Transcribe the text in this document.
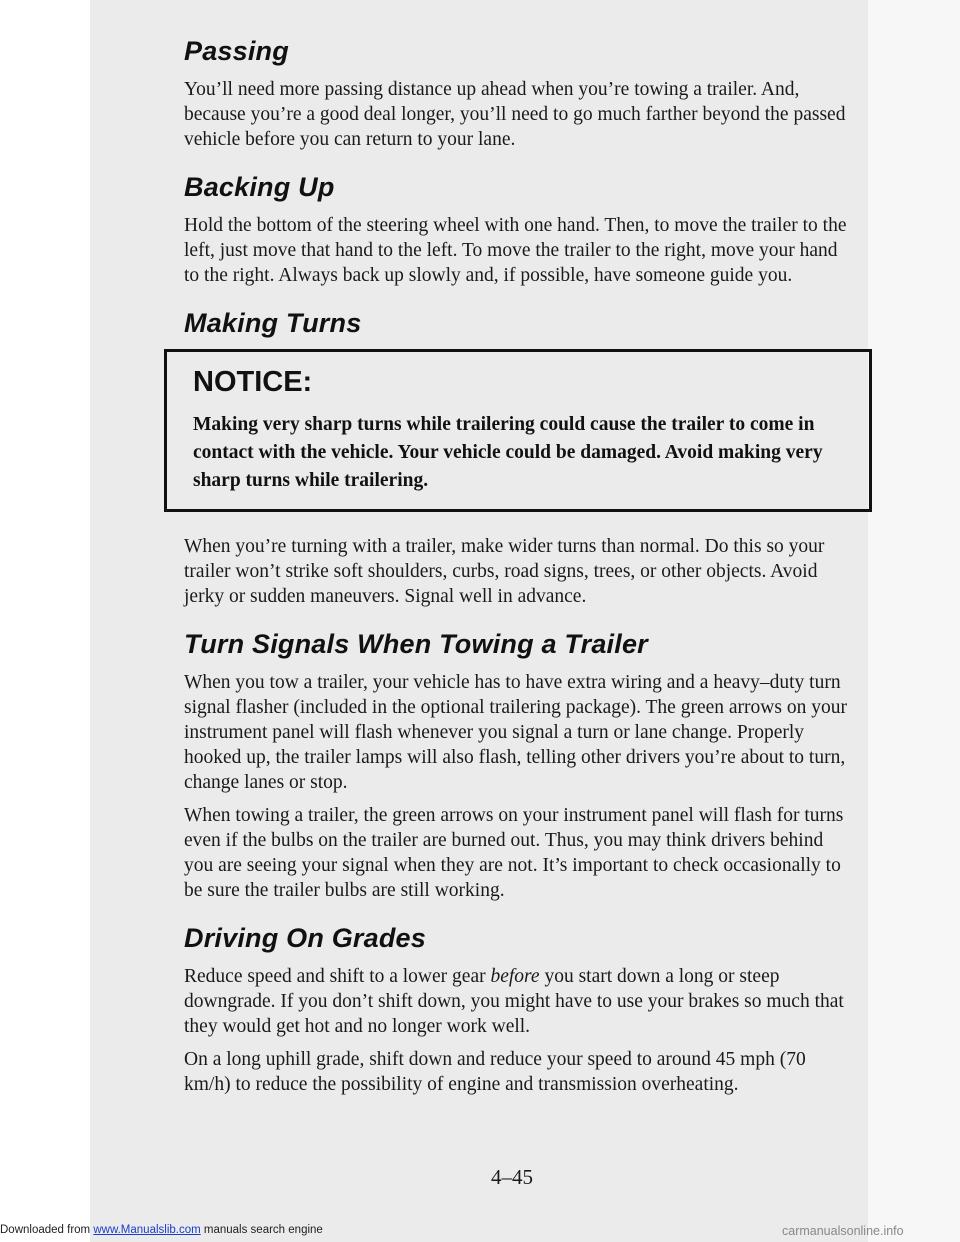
Passing

You’ll need more passing distance up ahead when you’re towing a trailer. And, because you’re a good deal longer, you’ll need to go much farther beyond the passed vehicle before you can return to your lane.

Backing Up

Hold the bottom of the steering wheel with one hand. Then, to move the trailer to the left, just move that hand to the left. To move the trailer to the right, move your hand to the right. Always back up slowly and, if possible, have someone guide you.

Making Turns
NOTICE:

Making very sharp turns while trailering could cause the trailer to come in contact with the vehicle. Your vehicle could be damaged. Avoid making very sharp turns while trailering.

When you’re turning with a trailer, make wider turns than normal. Do this so your trailer won’t strike soft shoulders, curbs, road signs, trees, or other objects. Avoid jerky or sudden maneuvers. Signal well in advance.

Turn Signals When Towing a Trailer

When you tow a trailer, your vehicle has to have extra wiring and a heavy–duty turn signal flasher (included in the optional trailering package). The green arrows on your instrument panel will flash whenever you signal a turn or lane change. Properly hooked up, the trailer lamps will also flash, telling other drivers you’re about to turn, change lanes or stop.

When towing a trailer, the green arrows on your instrument panel will flash for turns even if the bulbs on the trailer are burned out. Thus, you may think drivers behind you are seeing your signal when they are not. It’s important to check occasionally to be sure the trailer bulbs are still working.

Driving On Grades

Reduce speed and shift to a lower gear before you start down a long or steep downgrade. If you don’t shift down, you might have to use your brakes so much that they would get hot and no longer work well.

On a long uphill grade, shift down and reduce your speed to around 45 mph (70 km/h) to reduce the possibility of engine and transmission overheating.

4–45
Downloaded from www.Manualslib.com manuals search engine	carmanualsonline.info
